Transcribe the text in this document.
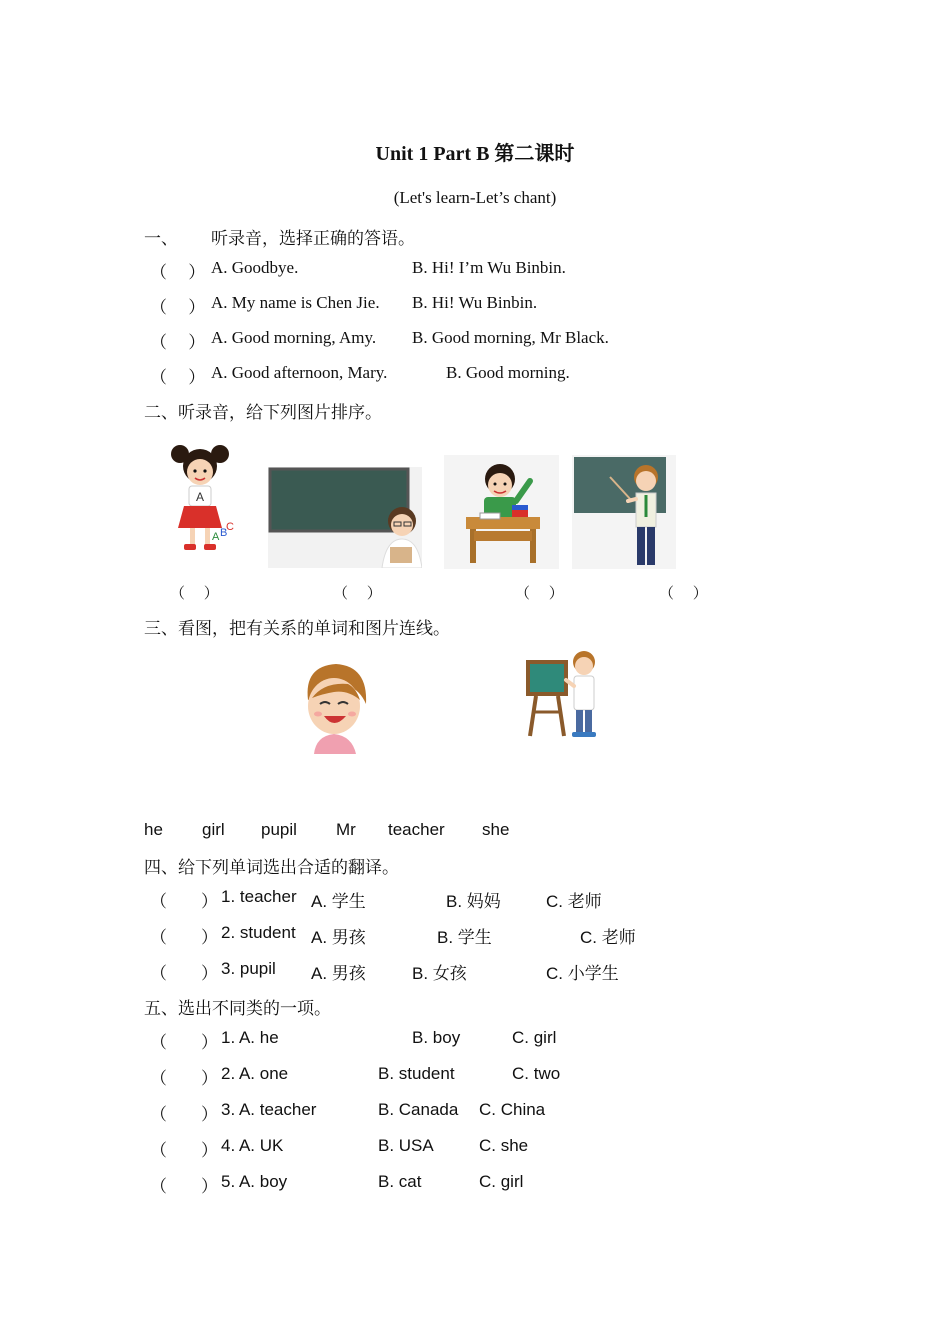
Unit 1 Part B 第二课时
(Let's learn-Let’s chant)
一、 听录音，选择正确的答语。
（　 ） A. Goodbye.	B. Hi! I’m Wu Binbin.
（　 ） A. My name is Chen Jie. B. Hi! Wu Binbin.
（　 ） A. Good morning, Amy. B. Good morning, Mr Black.
（　 ） A. Good afternoon, Mary.	B. Good morning.
二、听录音，给下列图片排序。
A
A B
C
（　 ）	（　 ）	（　 ）	（　 ）
三、看图，把有关系的单词和图片连线。
he girl pupil Mr teacher she
四、给下列单词选出合适的翻译。
（　　） 1. teacher A. 学生	B. 妈妈	C. 老师
（　　） 2. student A. 男孩	B. 学生	C. 老师
（　　） 3. pupil A. 男孩	B. 女孩	C. 小学生
五、选出不同类的一项。
（　　） 1. A. he	B. boy	C. girl
（　　） 2. A. one	B. student	C. two
（　　） 3. A. teacher	B. Canada C. China
（　　） 4. A. UK	B. USA	C. she
（　　） 5. A. boy	B. cat	C. girl
